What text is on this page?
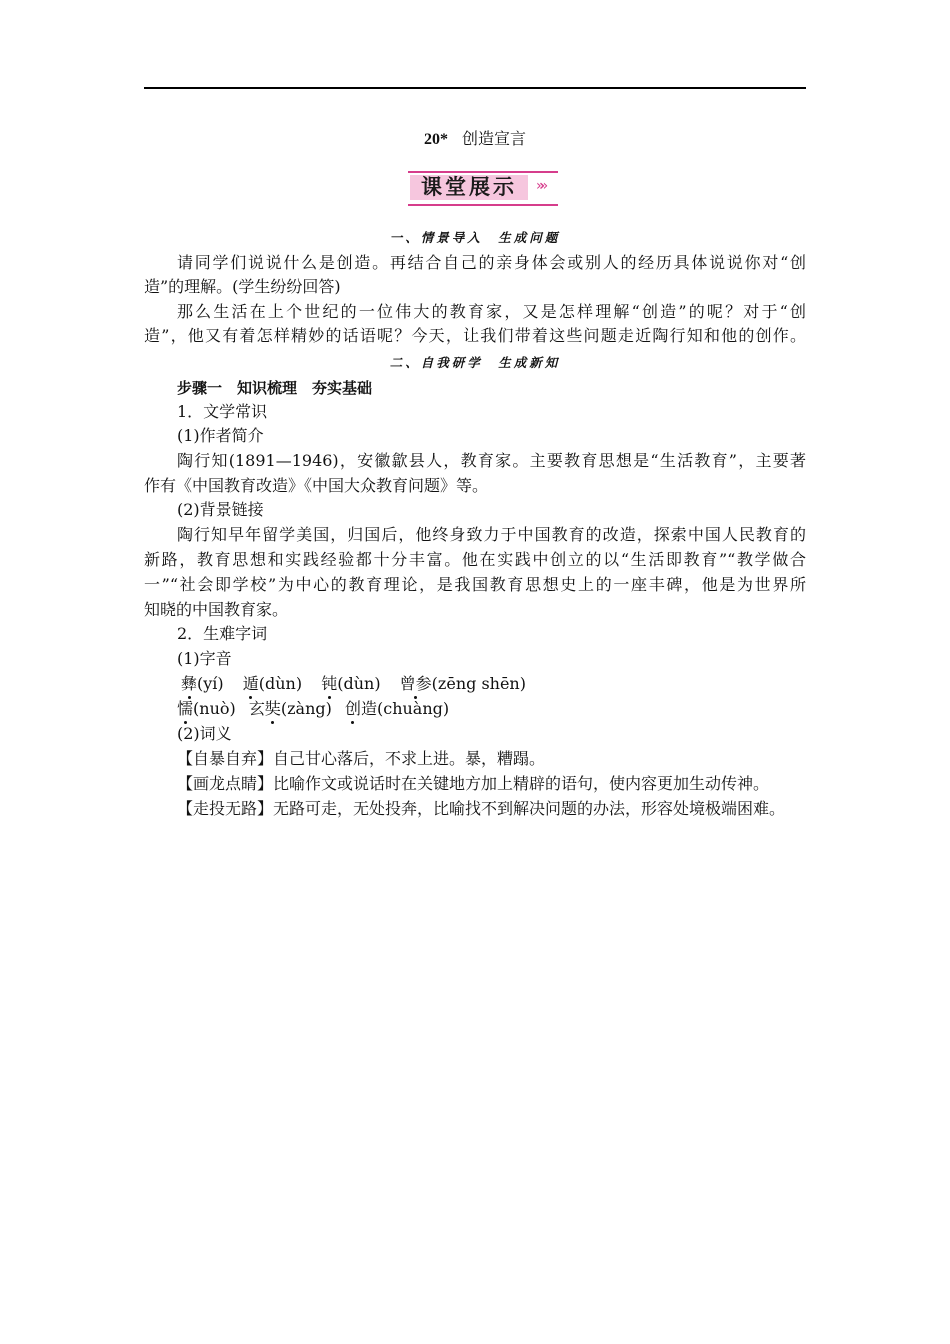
20* 创造宣言
课堂展示	»»
一、情景导入　生成问题
请同学们说说什么是创造。再结合自己的亲身体会或别人的经历具体说说你对“创
造”的理解。(学生纷纷回答)
那么生活在上个世纪的一位伟大的教育家，又是怎样理解“创造”的呢？对于“创
造”，他又有着怎样精妙的话语呢？今天，让我们带着这些问题走近陶行知和他的创作。
二、自我研学　生成新知
步骤一　知识梳理　夯实基础
1．文学常识
(1)作者简介
陶行知(1891—1946)，安徽歙县人，教育家。主要教育思想是“生活教育”，主要著
作有《中国教育改造》《中国大众教育问题》等。
(2)背景链接
陶行知早年留学美国，归国后，他终身致力于中国教育的改造，探索中国人民教育的
新路，教育思想和实践经验都十分丰富。他在实践中创立的以“生活即教育”“教学做合
一”“社会即学校”为中心的教育理论，是我国教育思想史上的一座丰碑，他是为世界所
知晓的中国教育家。
2．生难字词
(1)字音
彝(yí) 遁(dùn) 钝(dùn) 曾参(zēng shēn)
懦(nuò) 玄奘(zàng) 创造(chuàng)
(2)词义
【自暴自弃】自己甘心落后，不求上进。暴，糟蹋。
【画龙点睛】比喻作文或说话时在关键地方加上精辟的语句，使内容更加生动传神。
【走投无路】无路可走，无处投奔，比喻找不到解决问题的办法，形容处境极端困难。
